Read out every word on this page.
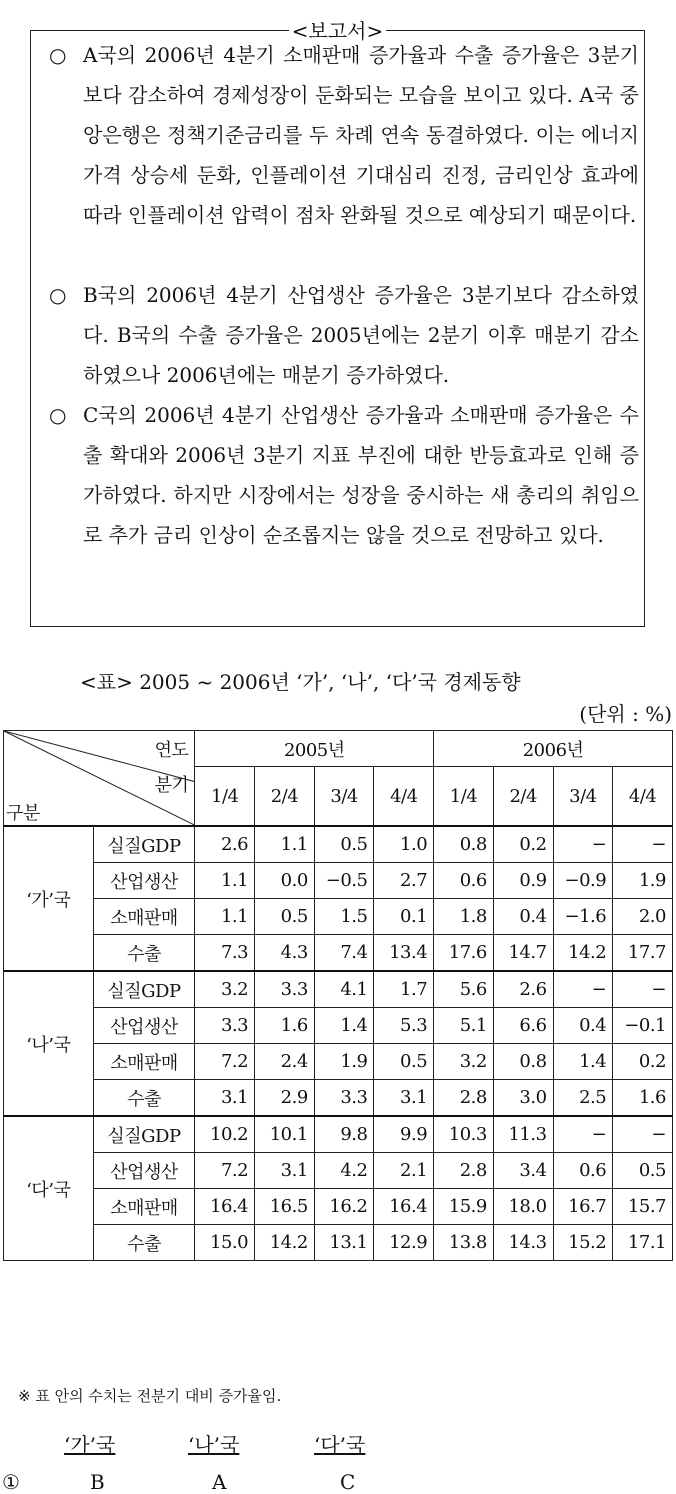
<보고서>
○ A국의 2006년 4분기 소매판매 증가율과 수출 증가율은 3분기보다 감소하여 경제성장이 둔화되는 모습을 보이고 있다. A국 중앙은행은 정책기준금리를 두 차례 연속 동결하였다. 이는 에너지가격 상승세 둔화, 인플레이션 기대심리 진정, 금리인상 효과에 따라 인플레이션 압력이 점차 완화될 것으로 예상되기 때문이다.
○ B국의 2006년 4분기 산업생산 증가율은 3분기보다 감소하였다. B국의 수출 증가율은 2005년에는 2분기 이후 매분기 감소하였으나 2006년에는 매분기 증가하였다.
○ C국의 2006년 4분기 산업생산 증가율과 소매판매 증가율은 수출 확대와 2006년 3분기 지표 부진에 대한 반등효과로 인해 증가하였다. 하지만 시장에서는 성장을 중시하는 새 총리의 취임으로 추가 금리 인상이 순조롭지는 않을 것으로 전망하고 있다.
<표> 2005 ~ 2006년 ‘가’, ‘나’, ‘다’국 경제동향
(단위 : %)
연도
분기
구분		2005년				2006년			
		1/4	2/4	3/4	4/4	1/4	2/4	3/4	4/4
‘가’국	실질GDP	2.6	1.1	0.5	1.0	0.8	0.2	−	−
	산업생산	1.1	0.0	−0.5	2.7	0.6	0.9	−0.9	1.9
	소매판매	1.1	0.5	1.5	0.1	1.8	0.4	−1.6	2.0
	수출	7.3	4.3	7.4	13.4	17.6	14.7	14.2	17.7
‘나’국	실질GDP	3.2	3.3	4.1	1.7	5.6	2.6	−	−
	산업생산	3.3	1.6	1.4	5.3	5.1	6.6	0.4	−0.1
	소매판매	7.2	2.4	1.9	0.5	3.2	0.8	1.4	0.2
	수출	3.1	2.9	3.3	3.1	2.8	3.0	2.5	1.6
‘다’국	실질GDP	10.2	10.1	9.8	9.9	10.3	11.3	−	−
	산업생산	7.2	3.1	4.2	2.1	2.8	3.4	0.6	0.5
	소매판매	16.4	16.5	16.2	16.4	15.9	18.0	16.7	15.7
	수출	15.0	14.2	13.1	12.9	13.8	14.3	15.2	17.1
※ 표 안의 수치는 전분기 대비 증가율임.
‘가’국	‘나’국	‘다’국
①	B	A	C
